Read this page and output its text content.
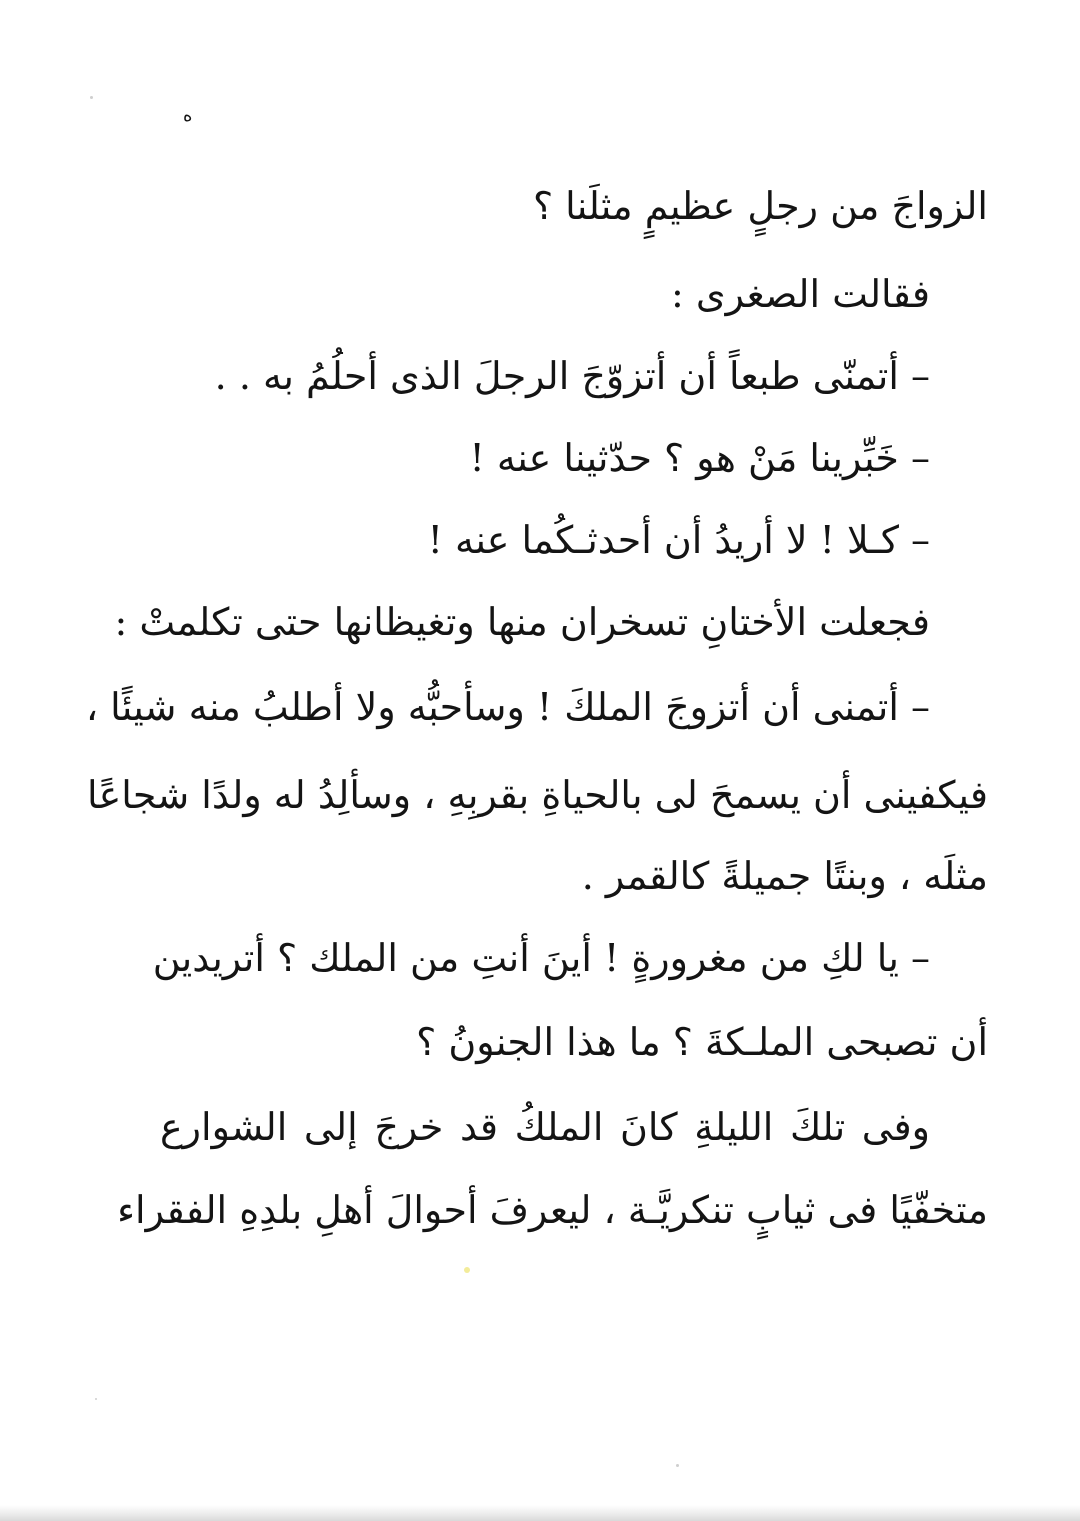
ه
الزواجَ من رجلٍ عظيمٍ مثلَنا ؟
فقالت الصغرى :
– أتمنّى طبعاً أن أتزوّجَ الرجلَ الذى أحلُمُ به . .
– خَبِّرينا مَنْ هو ؟ حدّثينا عنه !
– كـلا ! لا أريدُ أن أحدثـكُما عنه !
فجعلت الأختانِ تسخران منها وتغيظانها حتى تكلمتْ :
– أتمنى أن أتزوجَ الملكَ ! وسأحبُّه ولا أطلبُ منه شيئًا ،
فيكفينى أن يسمحَ لى بالحياةِ بقربِهِ ، وسألِدُ له ولدًا شجاعًا
مثلَه ، وبنتًا جميلةً كالقمر .
– يا لكِ من مغرورةٍ ! أينَ أنتِ من الملك ؟ أتريدين
أن تصبحى الملـكةَ ؟ ما هذا الجنونُ ؟
وفى تلكَ الليلةِ كانَ الملكُ قد خرجَ إلى الشوارع
متخفّيًا فى ثيابٍ تنكريَّـة ، ليعرفَ أحوالَ أهلِ بلدِهِ الفقراء
